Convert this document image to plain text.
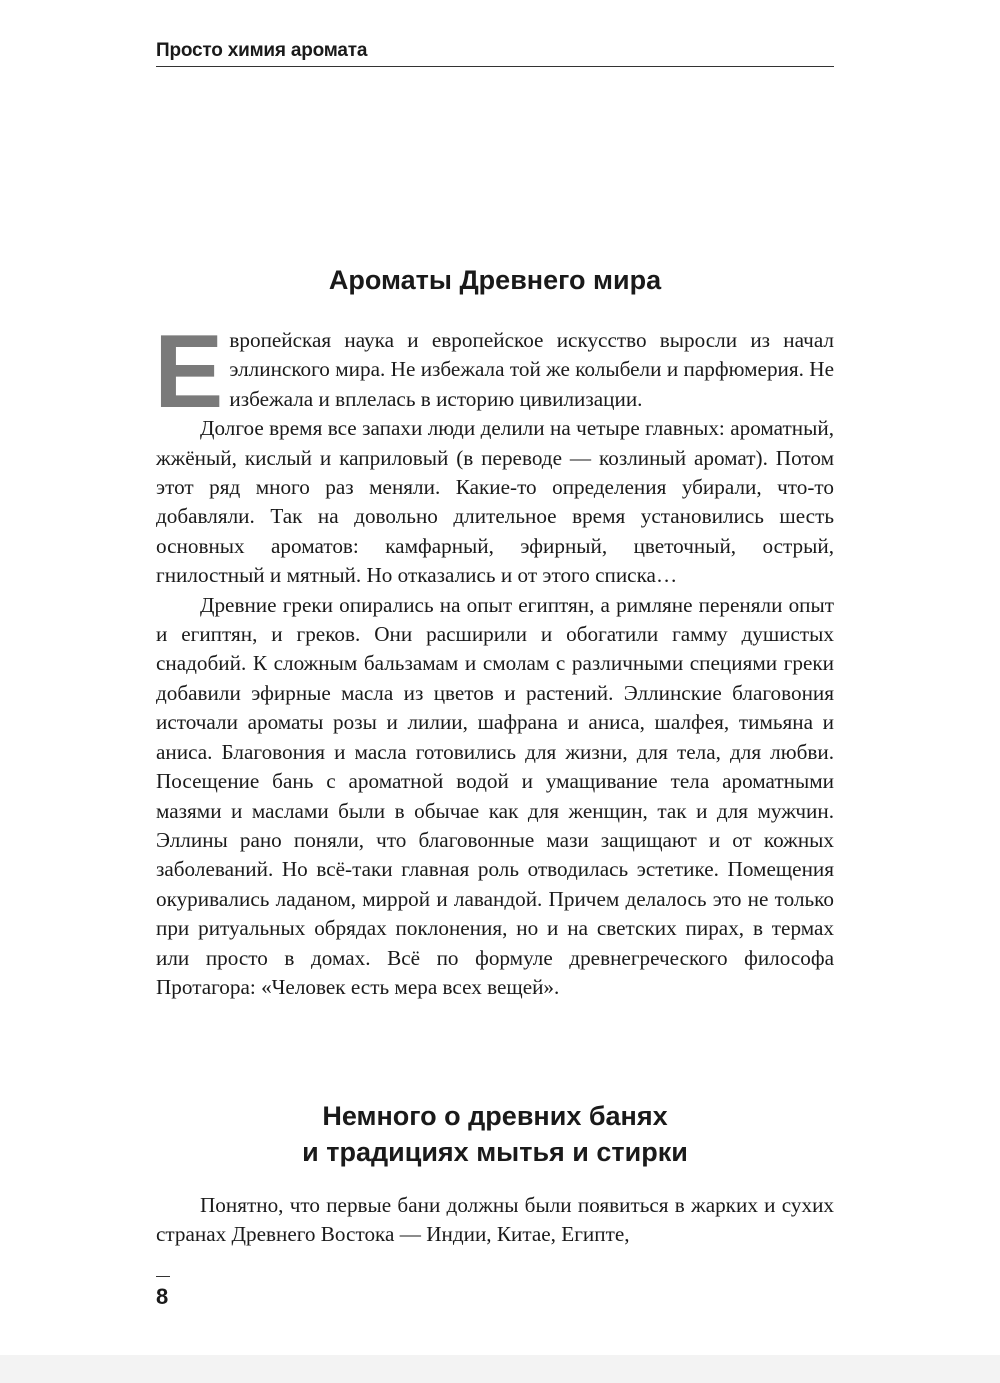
Просто химия аромата
Ароматы Древнего мира

Европейская наука и европейское искусство выросли из начал эллинского мира. Не избежала той же колыбели и парфюмерия. Не избежала и вплелась в историю цивилизации.

Долгое время все запахи люди делили на четыре главных: ароматный, жжёный, кислый и каприловый (в переводе — козлиный аромат). Потом этот ряд много раз меняли. Какие-то определения убирали, что-то добавляли. Так на довольно длительное время установились шесть основных ароматов: камфарный, эфирный, цветочный, острый, гнилостный и мятный. Но отказались и от этого списка…

Древние греки опирались на опыт египтян, а римляне переняли опыт и египтян, и греков. Они расширили и обогатили гамму душистых снадобий. К сложным бальзамам и смолам с различными специями греки добавили эфирные масла из цветов и растений. Эллинские благовония источали ароматы розы и лилии, шафрана и аниса, шалфея, тимьяна и аниса. Благовония и масла готовились для жизни, для тела, для любви. Посещение бань с ароматной водой и умащивание тела ароматными мазями и маслами были в обычае как для женщин, так и для мужчин. Эллины рано поняли, что благовонные мази защищают и от кожных заболеваний. Но всё-таки главная роль отводилась эстетике. Помещения окуривались ладаном, миррой и лавандой. Причем делалось это не только при ритуальных обрядах поклонения, но и на светских пирах, в термах или просто в домах. Всё по формуле древнегреческого философа Протагора: «Человек есть мера всех вещей».

Немного о древних банях
и традициях мытья и стирки

Понятно, что первые бани должны были появиться в жарких и сухих странах Древнего Востока — Индии, Китае, Египте,

8
